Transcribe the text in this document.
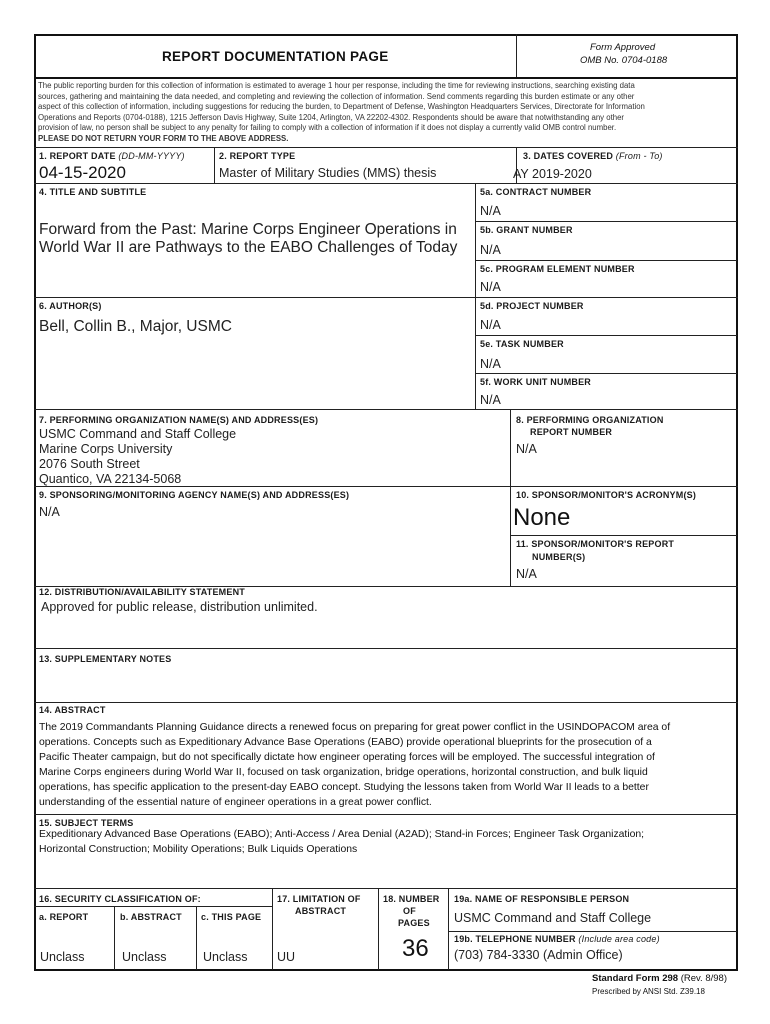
REPORT DOCUMENTATION PAGE
Form Approved
OMB No. 0704-0188
The public reporting burden for this collection of information is estimated to average 1 hour per response, including the time for reviewing instructions, searching existing data
sources, gathering and maintaining the data needed, and completing and reviewing the collection of information. Send comments regarding this burden estimate or any other
aspect of this collection of information, including suggestions for reducing the burden, to Department of Defense, Washington Headquarters Services, Directorate for Information
Operations and Reports (0704-0188), 1215 Jefferson Davis Highway, Suite 1204, Arlington, VA 22202-4302. Respondents should be aware that notwithstanding any other
provision of law, no person shall be subject to any penalty for failing to comply with a collection of information if it does not display a currently valid OMB control number.
PLEASE DO NOT RETURN YOUR FORM TO THE ABOVE ADDRESS.
1. REPORT DATE (DD-MM-YYYY)
04-15-2020
2. REPORT TYPE
Master of Military Studies (MMS) thesis
3. DATES COVERED (From - To)
AY 2019-2020
4. TITLE AND SUBTITLE
Forward from the Past: Marine Corps Engineer Operations in
World War II are Pathways to the EABO Challenges of Today
5a. CONTRACT NUMBER
N/A
5b. GRANT NUMBER
N/A
5c. PROGRAM ELEMENT NUMBER
N/A
6. AUTHOR(S)
Bell, Collin B., Major, USMC
5d. PROJECT NUMBER
N/A
5e. TASK NUMBER
N/A
5f. WORK UNIT NUMBER
N/A
7. PERFORMING ORGANIZATION NAME(S) AND ADDRESS(ES)
USMC Command and Staff College
Marine Corps University
2076 South Street
Quantico, VA 22134-5068
8. PERFORMING ORGANIZATION
REPORT NUMBER
N/A
9. SPONSORING/MONITORING AGENCY NAME(S) AND ADDRESS(ES)
N/A
10. SPONSOR/MONITOR'S ACRONYM(S)
None
11. SPONSOR/MONITOR'S REPORT
NUMBER(S)
N/A
12. DISTRIBUTION/AVAILABILITY STATEMENT
Approved for public release, distribution unlimited.
13. SUPPLEMENTARY NOTES
14. ABSTRACT
The 2019 Commandants Planning Guidance directs a renewed focus on preparing for great power conflict in the USINDOPACOM area of
operations. Concepts such as Expeditionary Advance Base Operations (EABO) provide operational blueprints for the prosecution of a
Pacific Theater campaign, but do not specifically dictate how engineer operating forces will be employed. The successful integration of
Marine Corps engineers during World War II, focused on task organization, bridge operations, horizontal construction, and bulk liquid
operations, has specific application to the present-day EABO concept. Studying the lessons taken from World War II leads to a better
understanding of the essential nature of engineer operations in a great power conflict.
15. SUBJECT TERMS
Expeditionary Advanced Base Operations (EABO); Anti-Access / Area Denial (A2AD); Stand-in Forces; Engineer Task Organization;
Horizontal Construction; Mobility Operations; Bulk Liquids Operations
16. SECURITY CLASSIFICATION OF:
a. REPORT	b. ABSTRACT c. THIS PAGE
Unclass	Unclass	Unclass
17. LIMITATION OF
ABSTRACT
UU
18. NUMBER
OF
PAGES
36
19a. NAME OF RESPONSIBLE PERSON
USMC Command and Staff College
19b. TELEPHONE NUMBER (Include area code)
(703) 784-3330 (Admin Office)
Standard Form 298 (Rev. 8/98)
Prescribed by ANSI Std. Z39.18
